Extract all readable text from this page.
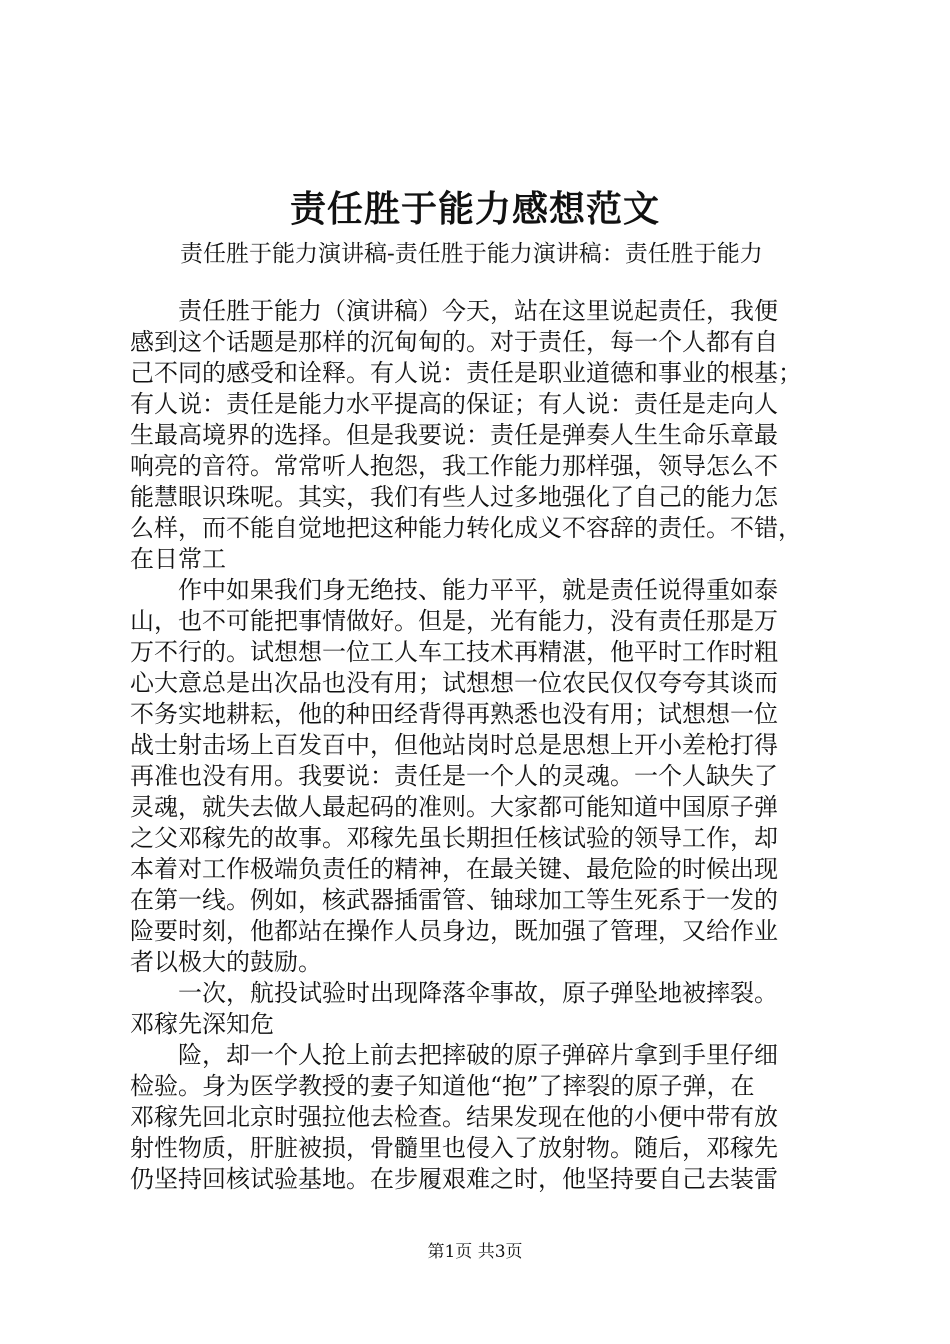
责任胜于能力感想范文
责任胜于能力演讲稿-责任胜于能力演讲稿：责任胜于能力
　　责任胜于能力（演讲稿）今天，站在这里说起责任，我便
感到这个话题是那样的沉甸甸的。对于责任，每一个人都有自
己不同的感受和诠释。有人说：责任是职业道德和事业的根基；
有人说：责任是能力水平提高的保证；有人说：责任是走向人
生最高境界的选择。但是我要说：责任是弹奏人生生命乐章最
响亮的音符。常常听人抱怨，我工作能力那样强，领导怎么不
能慧眼识珠呢。其实，我们有些人过多地强化了自己的能力怎
么样，而不能自觉地把这种能力转化成义不容辞的责任。不错，
在日常工
　　作中如果我们身无绝技、能力平平，就是责任说得重如泰
山，也不可能把事情做好。但是，光有能力，没有责任那是万
万不行的。试想想一位工人车工技术再精湛，他平时工作时粗
心大意总是出次品也没有用；试想想一位农民仅仅夸夸其谈而
不务实地耕耘，他的种田经背得再熟悉也没有用；试想想一位
战士射击场上百发百中，但他站岗时总是思想上开小差枪打得
再准也没有用。我要说：责任是一个人的灵魂。一个人缺失了
灵魂，就失去做人最起码的准则。大家都可能知道中国原子弹
之父邓稼先的故事。邓稼先虽长期担任核试验的领导工作，却
本着对工作极端负责任的精神，在最关键、最危险的时候出现
在第一线。例如，核武器插雷管、铀球加工等生死系于一发的
险要时刻，他都站在操作人员身边，既加强了管理，又给作业
者以极大的鼓励。
　　一次，航投试验时出现降落伞事故，原子弹坠地被摔裂。
邓稼先深知危
　　险，却一个人抢上前去把摔破的原子弹碎片拿到手里仔细
检验。身为医学教授的妻子知道他“抱”了摔裂的原子弹，在
邓稼先回北京时强拉他去检查。结果发现在他的小便中带有放
射性物质，肝脏被损，骨髓里也侵入了放射物。随后，邓稼先
仍坚持回核试验基地。在步履艰难之时，他坚持要自己去装雷
第1页 共3页
